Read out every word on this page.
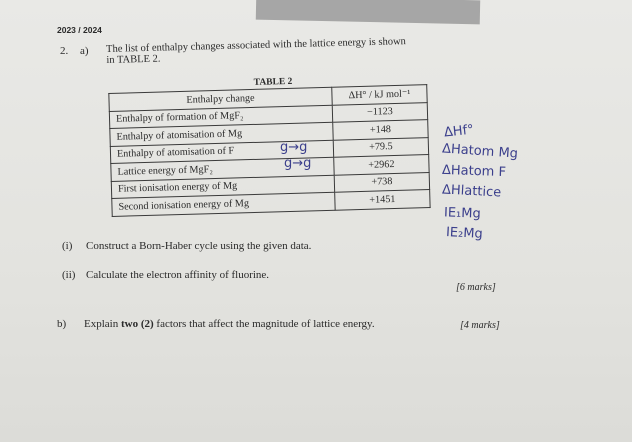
2023 / 2024
2. a) The list of enthalpy changes associated with the lattice energy is shown
in TABLE 2.
TABLE 2
Enthalpy change	ΔH° / kJ mol⁻¹
Enthalpy of formation of MgF₂	−1123
Enthalpy of atomisation of Mg	+148
Enthalpy of atomisation of F	+79.5
Lattice energy of MgF₂	+2962
First ionisation energy of Mg	+738
Second ionisation energy of Mg	+1451
g→g
g→g
ΔHf°
ΔHatom Mg
ΔHatom F
ΔHlattice
IE₁Mg
IE₂Mg
(i) Construct a Born-Haber cycle using the given data.
(ii) Calculate the electron affinity of fluorine.
[6 marks]
b) Explain two (2) factors that affect the magnitude of lattice energy.	[4 marks]
